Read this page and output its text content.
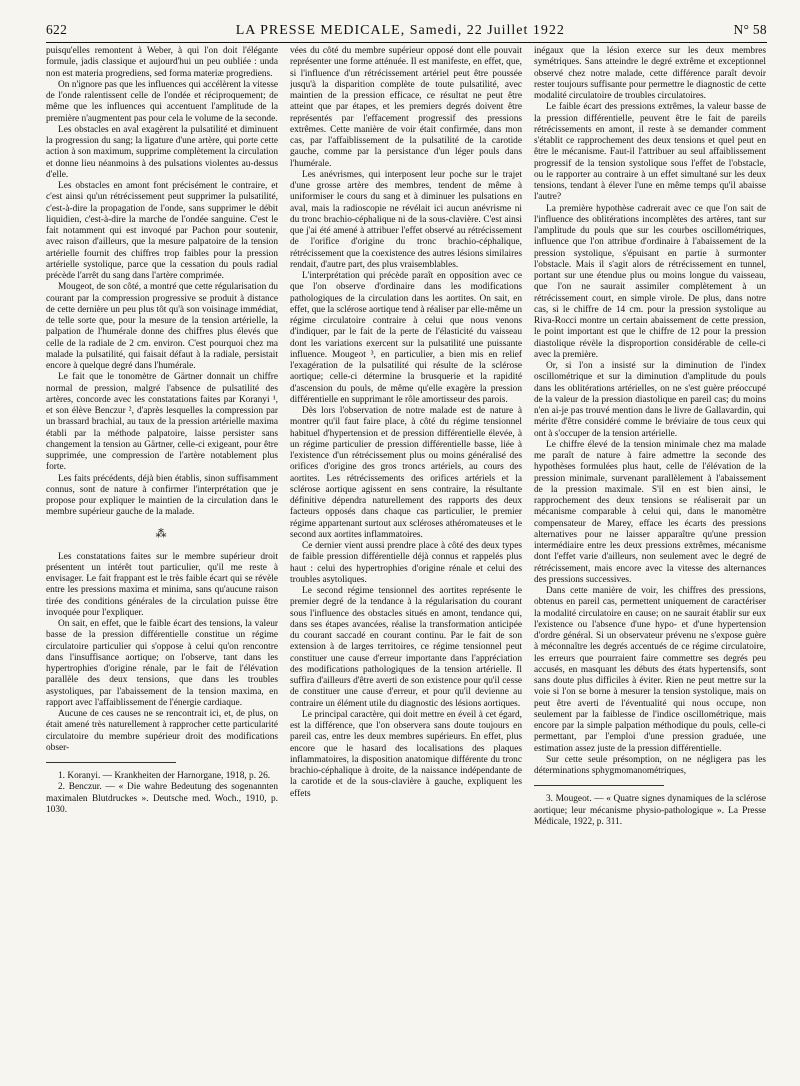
622	LA PRESSE MEDICALE, Samedi, 22 Juillet 1922	N° 58

puisqu'elles remontent à Weber, à qui l'on doit l'élégante formule, jadis classique et aujourd'hui un peu oubliée : unda non est materia progrediens, sed forma materiæ progrediens.

On n'ignore pas que les influences qui accélèrent la vitesse de l'onde ralentissent celle de l'ondée et réciproquement; de même que les influences qui accentuent l'amplitude de la première n'augmentent pas pour cela le volume de la seconde.

Les obstacles en aval exagèrent la pulsatilité et diminuent la progression du sang; la ligature d'une artère, qui porte cette action à son maximum, supprime complètement la circulation et donne lieu néanmoins à des pulsations violentes au-dessus d'elle.

Les obstacles en amont font précisément le contraire, et c'est ainsi qu'un rétrécissement peut supprimer la pulsatilité, c'est-à-dire la propagation de l'onde, sans supprimer le débit liquidien, c'est-à-dire la marche de l'ondée sanguine. C'est le fait notamment qui est invoqué par Pachon pour soutenir, avec raison d'ailleurs, que la mesure palpatoire de la tension artérielle fournit des chiffres trop faibles pour la pression artérielle systolique, parce que la cessation du pouls radial précède l'arrêt du sang dans l'artère comprimée.

Mougeot, de son côté, a montré que cette régularisation du courant par la compression progressive se produit à distance de cette dernière un peu plus tôt qu'à son voisinage immédiat, de telle sorte que, pour la mesure de la tension artérielle, la palpation de l'humérale donne des chiffres plus élevés que celle de la radiale de 2 cm. environ. C'est pourquoi chez ma malade la pulsatilité, qui faisait défaut à la radiale, persistait encore à quelque degré dans l'humérale.

Le fait que le tonomètre de Gärtner donnait un chiffre normal de pression, malgré l'absence de pulsatilité des artères, concorde avec les constatations faites par Koranyi ¹, et son élève Benczur ², d'après lesquelles la compression par un brassard brachial, au taux de la pression artérielle maxima établi par la méthode palpatoire, laisse persister sans changement la tension au Gärtner, celle-ci exigeant, pour être supprimée, une compression de l'artère notablement plus forte.

Les faits précédents, déjà bien établis, sinon suffisamment connus, sont de nature à confirmer l'interprétation que je propose pour expliquer le maintien de la circulation dans le membre supérieur gauche de la malade.

⁂

Les constatations faites sur le membre supérieur droit présentent un intérêt tout particulier, qu'il me reste à envisager. Le fait frappant est le très faible écart qui se révèle entre les pressions maxima et minima, sans qu'aucune raison tirée des conditions générales de la circulation puisse être invoquée pour l'expliquer.

On sait, en effet, que le faible écart des tensions, la valeur basse de la pression différentielle constitue un régime circulatoire particulier qui s'oppose à celui qu'on rencontre dans l'insuffisance aortique; on l'observe, tant dans les hypertrophies d'origine rénale, par le fait de l'élévation parallèle des deux tensions, que dans les troubles asystoliques, par l'abaissement de la tension maxima, en rapport avec l'affaiblissement de l'énergie cardiaque.

Aucune de ces causes ne se rencontrait ici, et, de plus, on était amené très naturellement à rapprocher cette particularité circulatoire du membre supérieur droit des modifications obser-

1. Koranyi. — Krankheiten der Harnorgane, 1918, p. 26.

2. Benczur. — « Die wahre Bedeutung des sogenannten maximalen Blutdruckes ». Deutsche med. Woch., 1910, p. 1030.

vées du côté du membre supérieur opposé dont elle pouvait représenter une forme atténuée. Il est manifeste, en effet, que, si l'influence d'un rétrécissement artériel peut être poussée jusqu'à la disparition complète de toute pulsatilité, avec maintien de la pression efficace, ce résultat ne peut être atteint que par étapes, et les premiers degrés doivent être représentés par l'effacement progressif des pressions extrêmes. Cette manière de voir était confirmée, dans mon cas, par l'affaiblissement de la pulsatilité de la carotide gauche, comme par la persistance d'un léger pouls dans l'humérale.

Les anévrismes, qui interposent leur poche sur le trajet d'une grosse artère des membres, tendent de même à uniformiser le cours du sang et à diminuer les pulsations en aval, mais la radioscopie ne révélait ici aucun anévrisme ni du tronc brachio-céphalique ni de la sous-clavière. C'est ainsi que j'ai été amené à attribuer l'effet observé au rétrécissement de l'orifice d'origine du tronc brachio-céphalique, rétrécissement que la coexistence des autres lésions similaires rendait, d'autre part, des plus vraisemblables.

L'interprétation qui précède paraît en opposition avec ce que l'on observe d'ordinaire dans les modifications pathologiques de la circulation dans les aortites. On sait, en effet, que la sclérose aortique tend à réaliser par elle-même un régime circulatoire contraire à celui que nous venons d'indiquer, par le fait de la perte de l'élasticité du vaisseau dont les variations exercent sur la pulsatilité une puissante influence. Mougeot ³, en particulier, a bien mis en relief l'exagération de la pulsatilité qui résulte de la sclérose aortique; celle-ci détermine la brusquerie et la rapidité d'ascension du pouls, de même qu'elle exagère la pression différentielle en supprimant le rôle amortisseur des parois.

Dès lors l'observation de notre malade est de nature à montrer qu'il faut faire place, à côté du régime tensionnel habituel d'hypertension et de pression différentielle élevée, à un régime particulier de pression différentielle basse, liée à l'existence d'un rétrécissement plus ou moins généralisé des orifices d'origine des gros troncs artériels, au cours des aortites. Les rétrécissements des orifices artériels et la sclérose aortique agissent en sens contraire, la résultante définitive dépendra naturellement des rapports des deux facteurs opposés dans chaque cas particulier, le premier régime appartenant surtout aux scléroses athéromateuses et le second aux aortites inflammatoires.

Ce dernier vient aussi prendre place à côté des deux types de faible pression différentielle déjà connus et rappelés plus haut : celui des hypertrophies d'origine rénale et celui des troubles asytoliques.

Le second régime tensionnel des aortites représente le premier degré de la tendance à la régularisation du courant sous l'influence des obstacles situés en amont, tendance qui, dans ses étapes avancées, réalise la transformation anticipée du courant saccadé en courant continu. Par le fait de son extension à de larges territoires, ce régime tensionnel peut constituer une cause d'erreur importante dans l'appréciation des modifications pathologiques de la tension artérielle. Il suffira d'ailleurs d'être averti de son existence pour qu'il cesse de constituer une cause d'erreur, et pour qu'il devienne au contraire un élément utile du diagnostic des lésions aortiques.

Le principal caractère, qui doit mettre en éveil à cet égard, est la différence, que l'on observera sans doute toujours en pareil cas, entre les deux membres supérieurs. En effet, plus encore que le hasard des localisations des plaques inflammatoires, la disposition anatomique différente du tronc brachio-céphalique à droite, de la naissance indépendante de la carotide et de la sous-clavière à gauche, expliquent les effets

inégaux que la lésion exerce sur les deux membres symétriques. Sans atteindre le degré extrême et exceptionnel observé chez notre malade, cette différence paraît devoir rester toujours suffisante pour permettre le diagnostic de cette modalité circulatoire de troubles circulatoires.

Le faible écart des pressions extrêmes, la valeur basse de la pression différentielle, peuvent être le fait de pareils rétrécissements en amont, il reste à se demander comment s'établit ce rapprochement des deux tensions et quel peut en être le mécanisme. Faut-il l'attribuer au seul affaiblissement progressif de la tension systolique sous l'effet de l'obstacle, ou le rapporter au contraire à un effet simultané sur les deux tensions, tendant à élever l'une en même temps qu'il abaisse l'autre?

La première hypothèse cadrerait avec ce que l'on sait de l'influence des oblitérations incomplètes des artères, tant sur l'amplitude du pouls que sur les courbes oscillométriques, influence que l'on attribue d'ordinaire à l'abaissement de la pression systolique, s'épuisant en partie à surmonter l'obstacle. Mais il s'agit alors de rétrécissement en tunnel, portant sur une étendue plus ou moins longue du vaisseau, que l'on ne saurait assimiler complètement à un rétrécissement court, en simple virole. De plus, dans notre cas, si le chiffre de 14 cm. pour la pression systolique au Riva-Rocci montre un certain abaissement de cette pression, le point important est que le chiffre de 12 pour la pression diastolique révèle la disproportion considérable de celle-ci avec la première.

Or, si l'on a insisté sur la diminution de l'index oscillométrique et sur la diminution d'amplitude du pouls dans les oblitérations artérielles, on ne s'est guère préoccupé de la valeur de la pression diastolique en pareil cas; du moins n'en ai-je pas trouvé mention dans le livre de Gallavardin, qui mérite d'être considéré comme le bréviaire de tous ceux qui ont à s'occuper de la tension artérielle.

Le chiffre élevé de la tension minimale chez ma malade me paraît de nature à faire admettre la seconde des hypothèses formulées plus haut, celle de l'élévation de la pression minimale, survenant parallèlement à l'abaissement de la pression maximale. S'il en est bien ainsi, le rapprochement des deux tensions se réaliserait par un mécanisme comparable à celui qui, dans le manomètre compensateur de Marey, efface les écarts des pressions alternatives pour ne laisser apparaître qu'une pression intermédiaire entre les deux pressions extrêmes, mécanisme dont l'effet varie d'ailleurs, non seulement avec le degré de rétrécissement, mais encore avec la vitesse des alternances des pressions successives.

Dans cette manière de voir, les chiffres des pressions, obtenus en pareil cas, permettent uniquement de caractériser la modalité circulatoire en cause; on ne saurait établir sur eux l'existence ou l'absence d'une hypo- et d'une hypertension d'ordre général. Si un observateur prévenu ne s'expose guère à méconnaître les degrés accentués de ce régime circulatoire, les erreurs que pourraient faire commettre ses degrés peu accusés, en masquant les débuts des états hypertensifs, sont sans doute plus difficiles à éviter. Rien ne peut mettre sur la voie si l'on se borne à mesurer la tension systolique, mais on peut être averti de l'éventualité qui nous occupe, non seulement par la faiblesse de l'indice oscillométrique, mais encore par la simple palpation méthodique du pouls, celle-ci permettant, par l'emploi d'une pression graduée, une estimation assez juste de la pression différentielle.

Sur cette seule présomption, on ne négligera pas les déterminations sphygmomanométriques,

3. Mougeot. — « Quatre signes dynamiques de la sclérose aortique; leur mécanisme physio-pathologique ». La Presse Médicale, 1922, p. 311.
